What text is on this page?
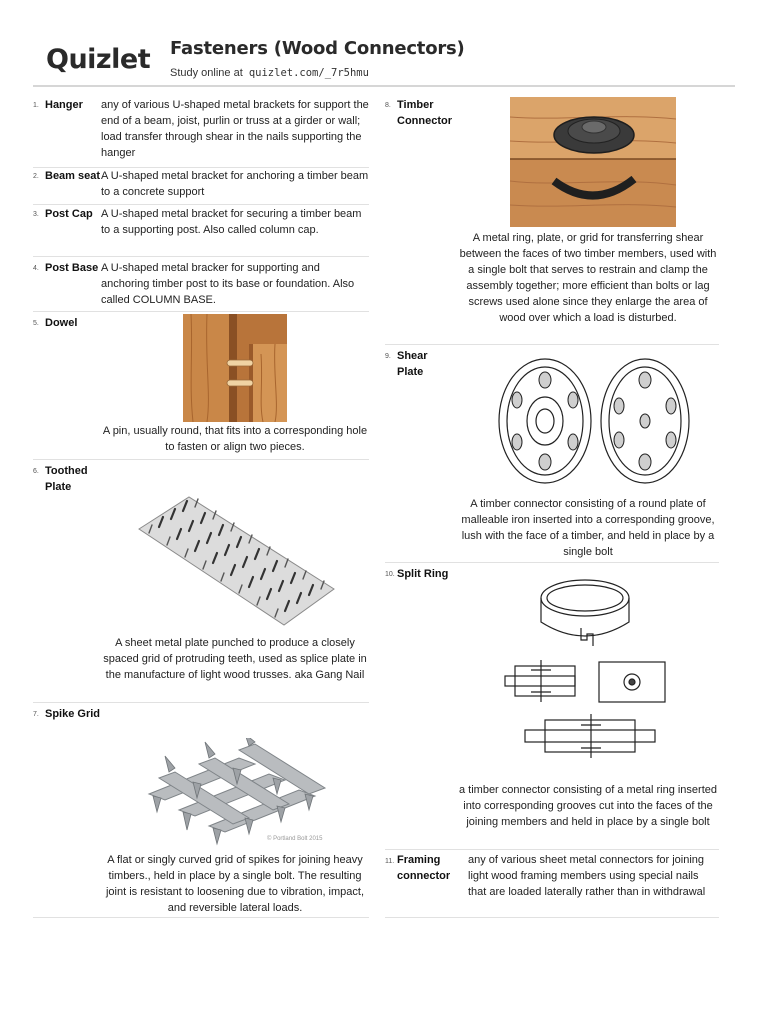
Quizlet Fasteners (Wood Connectors)
Study online at quizlet.com/_7r5hmu
1. Hanger	any of various U-shaped metal brackets for support the end of a beam, joist, purlin or truss at a girder or wall; load transfer through shear in the nails supporting the hanger
2. Beam seat A U-shaped metal bracket for anchoring a timber beam to a concrete support
3. Post Cap A U-shaped metal bracket for securing a timber beam to a supporting post. Also called column cap.
4. Post Base A U-shaped metal bracker for supporting and anchoring timber post to its base or foundation. Also called COLUMN BASE.
5. Dowel
A pin, usually round, that fits into a corresponding hole to fasten or align two pieces.
6. Toothed Plate
A sheet metal plate punched to produce a closely spaced grid of protruding teeth, used as splice plate in the manufacture of light wood trusses. aka Gang Nail
7. Spike Grid
© Portland Bolt 2015
A flat or singly curved grid of spikes for joining heavy timbers., held in place by a single bolt. The resulting joint is resistant to loosening due to vibration, impact, and reversible lateral loads.
8. Timber Connector
A metal ring, plate, or grid for transferring shear between the faces of two timber members, used with a single bolt that serves to restrain and clamp the assembly together; more efficient than bolts or lag screws used alone since they enlarge the area of wood over which a load is disturbed.
9. Shear Plate
A timber connector consisting of a round plate of malleable iron inserted into a corresponding groove, lush with the face of a timber, and held in place by a single bolt
10. Split Ring
a timber connector consisting of a metal ring inserted into corresponding grooves cut into the faces of the joining members and held in place by a single bolt
11. Framing connector
any of various sheet metal connectors for joining light wood framing members using special nails that are loaded laterally rather than in withdrawal
